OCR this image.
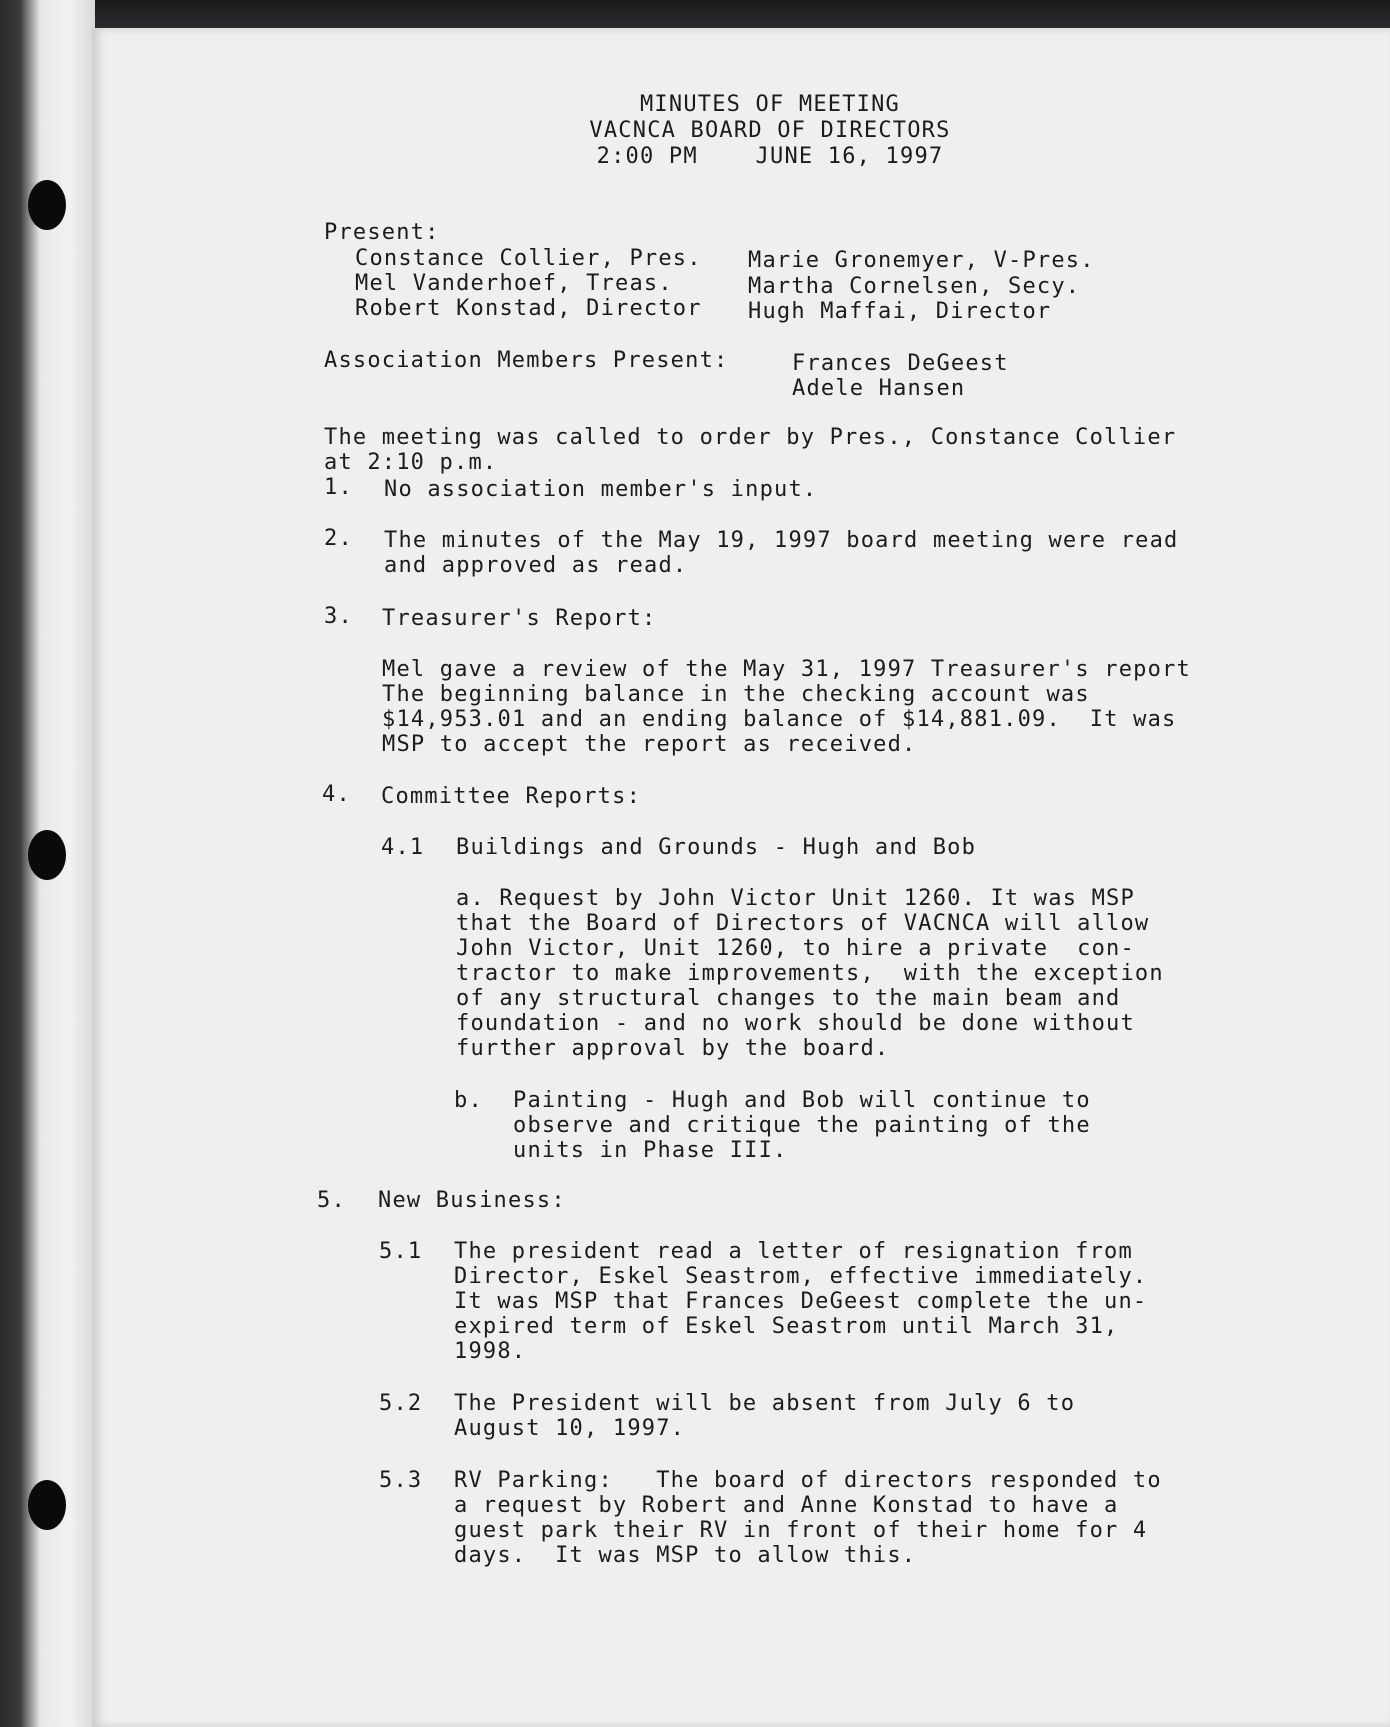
MINUTES OF MEETING
VACNCA BOARD OF DIRECTORS
2:00 PM    JUNE 16, 1997
Present:
Constance Collier, Pres. Marie Gronemyer, V-Pres.
Mel Vanderhoef, Treas.	Martha Cornelsen, Secy.
Robert Konstad, Director Hugh Maffai, Director
Association Members Present:	Frances DeGeest
Adele Hansen
The meeting was called to order by Pres., Constance Collier
at 2:10 p.m.
1. No association member's input.
2. The minutes of the May 19, 1997 board meeting were read
and approved as read.
3. Treasurer's Report:
Mel gave a review of the May 31, 1997 Treasurer's report
The beginning balance in the checking account was
$14,953.01 and an ending balance of $14,881.09.  It was
MSP to accept the report as received.
4. Committee Reports:
4.1 Buildings and Grounds - Hugh and Bob
a. Request by John Victor Unit 1260. It was MSP
that the Board of Directors of VACNCA will allow
John Victor, Unit 1260, to hire a private  con-
tractor to make improvements,  with the exception
of any structural changes to the main beam and
foundation - and no work should be done without
further approval by the board.
b. Painting - Hugh and Bob will continue to
observe and critique the painting of the
units in Phase III.
5. New Business:
5.1 The president read a letter of resignation from
Director, Eskel Seastrom, effective immediately.
It was MSP that Frances DeGeest complete the un-
expired term of Eskel Seastrom until March 31,
1998.
5.2 The President will be absent from July 6 to
August 10, 1997.
5.3 RV Parking:   The board of directors responded to
a request by Robert and Anne Konstad to have a
guest park their RV in front of their home for 4
days.  It was MSP to allow this.
